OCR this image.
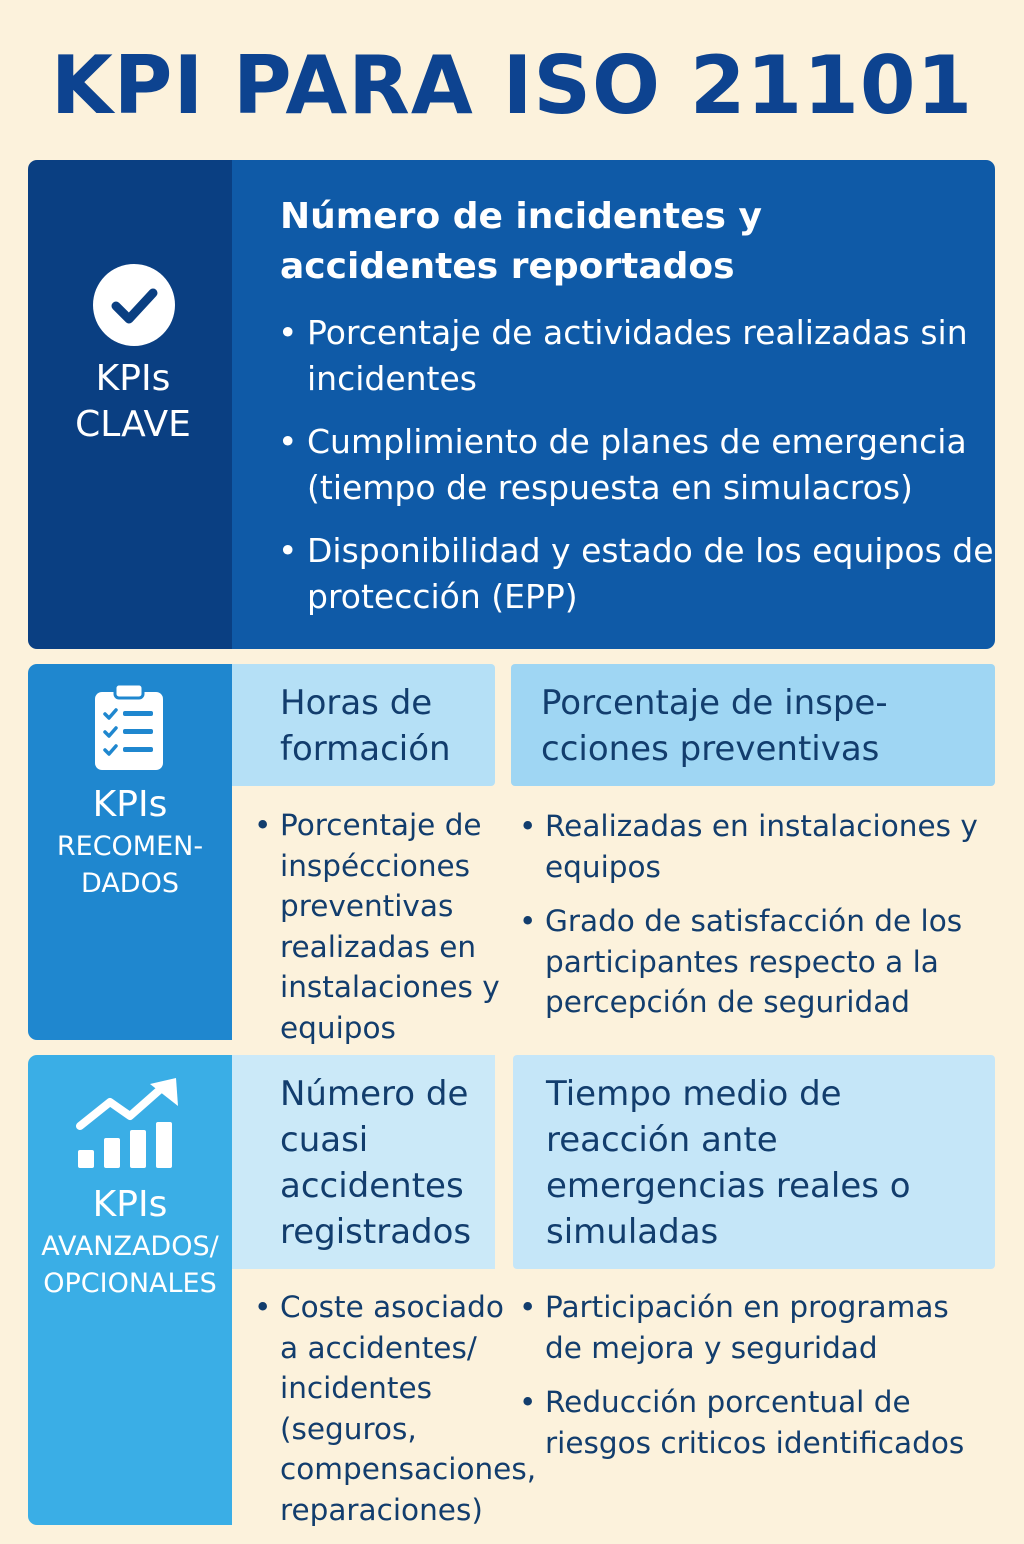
KPI PARA ISO 21101
KPIs
CLAVE
Número de incidentes y accidentes reportados
• Porcentaje de actividades realizadas sin incidentes
• Cumplimiento de planes de emergencia (tiempo de respuesta en simulacros)
• Disponibilidad y estado de los equipos de protección (EPP)
KPIs
RECOMEN-
DADOS
Horas de formación
Porcentaje de inspe-cciones preventivas
• Porcentaje de inspécciones preventivas realizadas en instalaciones y equipos
• Realizadas en instalaciones y equipos
• Grado de satisfacción de los participantes respecto a la percepción de seguridad
KPIs
AVANZADOS/
OPCIONALES
Número de cuasi accidentes registrados
Tiempo medio de reacción ante emergencias reales o simuladas
• Coste asociado a accidentes/ incidentes (seguros, compensaciones, reparaciones)
• Participación en programas de mejora y seguridad
• Reducción porcentual de riesgos criticos identificados
